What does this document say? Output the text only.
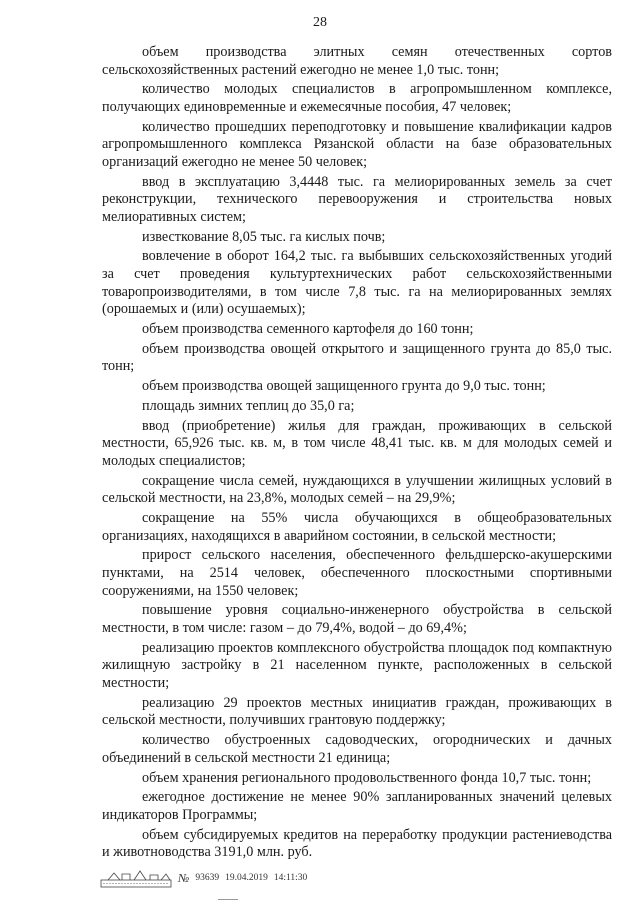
28

объем производства элитных семян отечественных сортов сельскохозяйственных растений ежегодно не менее 1,0 тыс. тонн;

количество молодых специалистов в агропромышленном комплексе, получающих единовременные и ежемесячные пособия, 47 человек;

количество прошедших переподготовку и повышение квалификации кадров агропромышленного комплекса Рязанской области на базе образовательных организаций ежегодно не менее 50 человек;

ввод в эксплуатацию 3,4448 тыс. га мелиорированных земель за счет реконструкции, технического перевооружения и строительства новых мелиоративных систем;

известкование 8,05 тыс. га кислых почв;

вовлечение в оборот 164,2 тыс. га выбывших сельскохозяйственных угодий за счет проведения культуртехнических работ сельскохозяйственными товаропроизводителями, в том числе 7,8 тыс. га на мелиорированных землях (орошаемых и (или) осушаемых);

объем производства семенного картофеля до 160 тонн;

объем производства овощей открытого и защищенного грунта до 85,0 тыс. тонн;

объем производства овощей защищенного грунта до 9,0 тыс. тонн;

площадь зимних теплиц до 35,0 га;

ввод (приобретение) жилья для граждан, проживающих в сельской местности, 65,926 тыс. кв. м, в том числе 48,41 тыс. кв. м для молодых семей и молодых специалистов;

сокращение числа семей, нуждающихся в улучшении жилищных условий в сельской местности, на 23,8%, молодых семей – на 29,9%;

сокращение на 55% числа обучающихся в общеобразовательных организациях, находящихся в аварийном состоянии, в сельской местности;

прирост сельского населения, обеспеченного фельдшерско-акушерскими пунктами, на 2514 человек, обеспеченного плоскостными спортивными сооружениями, на 1550 человек;

повышение уровня социально-инженерного обустройства в сельской местности, в том числе: газом – до 79,4%, водой – до 69,4%;

реализацию проектов комплексного обустройства площадок под компактную жилищную застройку в 21 населенном пункте, расположенных в сельской местности;

реализацию 29 проектов местных инициатив граждан, проживающих в сельской местности, получивших грантовую поддержку;

количество обустроенных садоводческих, огороднических и дачных объединений в сельской местности 21 единица;

объем хранения регионального продовольственного фонда 10,7 тыс. тонн;

ежегодное достижение не менее 90% запланированных значений целевых индикаторов Программы;

объем субсидируемых кредитов на переработку продукции растениеводства и животноводства 3191,0 млн. руб.

№ 93639 19.04.2019 14:11:30
